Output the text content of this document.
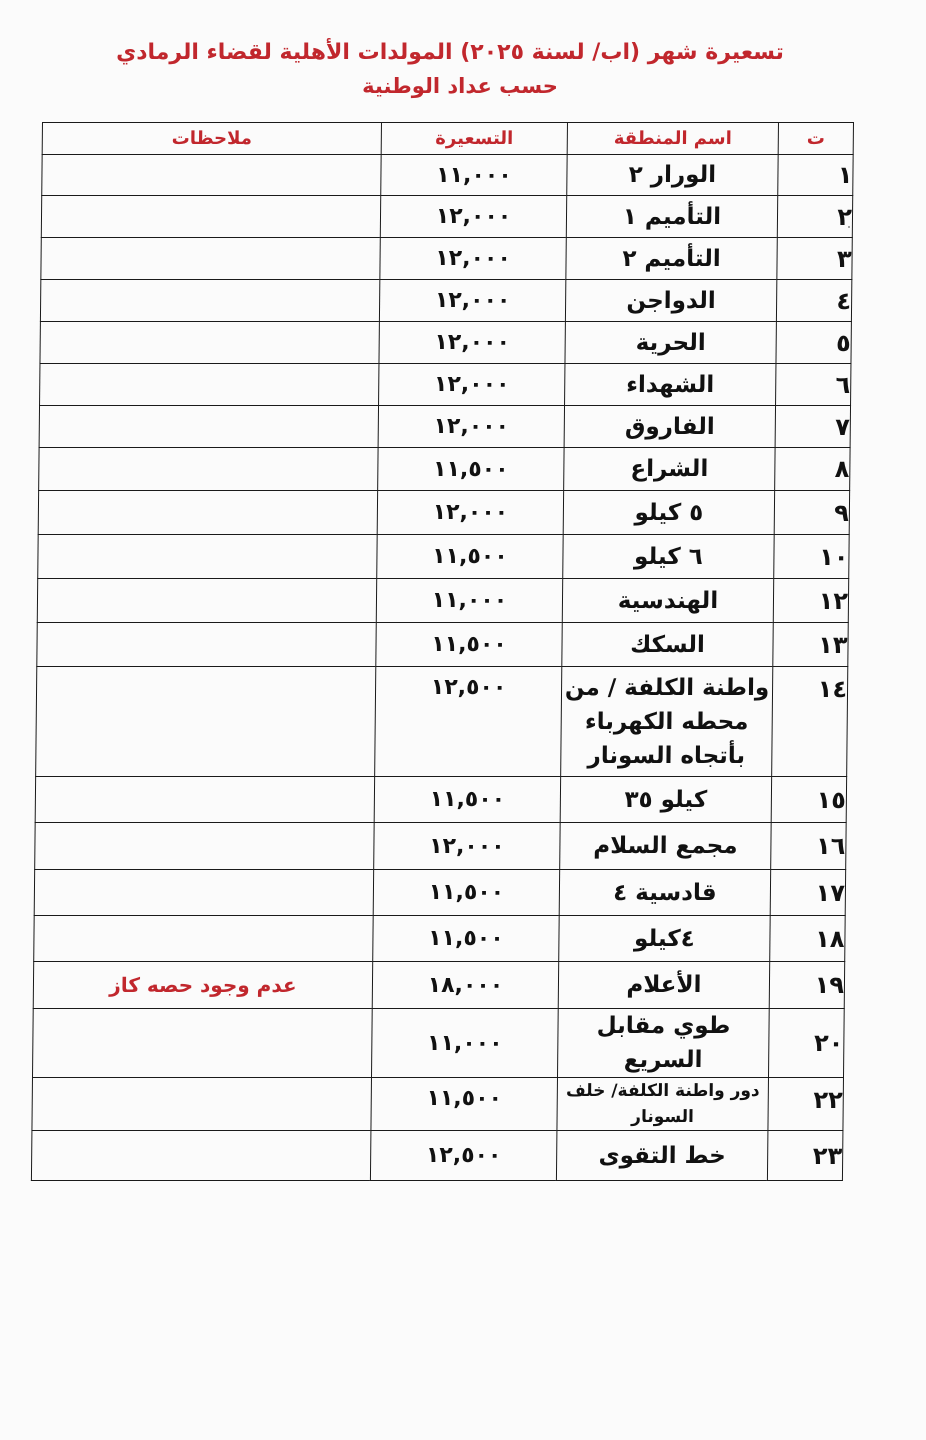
تسعيرة شهر (اب/ لسنة ٢٠٢٥) المولدات الأهلية لقضاء الرمادي
حسب عداد الوطنية
ت	اسم المنطقة	التسعيرة	ملاحظات
١	الورار ٢	١١,٠٠٠	
٢	التأميم ١	١٢,٠٠٠	
٣	التأميم ٢	١٢,٠٠٠	
٤	الدواجن	١٢,٠٠٠	
٥	الحرية	١٢,٠٠٠	
٦	الشهداء	١٢,٠٠٠	
٧	الفاروق	١٢,٠٠٠	
٨	الشراع	١١,٥٠٠	
٩	٥ كيلو	١٢,٠٠٠	
١٠	٦ كيلو	١١,٥٠٠	
١٢	الهندسية	١١,٠٠٠	
١٣	السكك	١١,٥٠٠	
١٤	واطنة الكلفة / من
محطه الكهرباء
بأتجاه السونار	١٢,٥٠٠	
١٥	كيلو ٣٥	١١,٥٠٠	
١٦	مجمع السلام	١٢,٠٠٠	
١٧	قادسية ٤	١١,٥٠٠	
١٨	٤كيلو	١١,٥٠٠	
١٩	الأعلام	١٨,٠٠٠	عدم وجود حصه كاز
٢٠	طوي مقابل السريع	١١,٠٠٠	
٢٢	دور واطنة الكلفة/ خلف
السونار	١١,٥٠٠	
٢٣	خط التقوى	١٢,٥٠٠	
